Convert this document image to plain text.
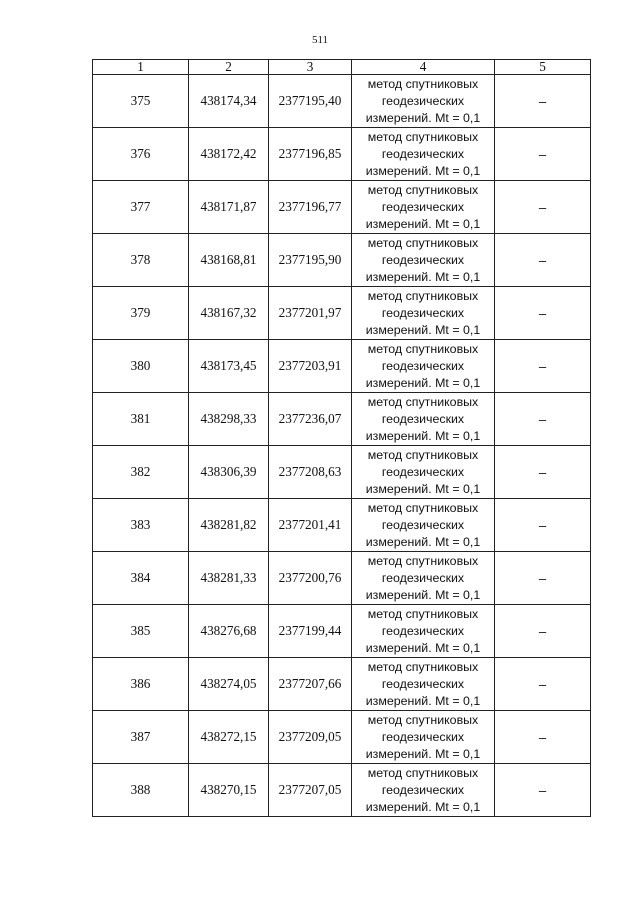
511
1	2	3	4	5
375	438174,34	2377195,40	метод спутниковых
геодезических
измерений. Mt = 0,1	–
376	438172,42	2377196,85	метод спутниковых
геодезических
измерений. Mt = 0,1	–
377	438171,87	2377196,77	метод спутниковых
геодезических
измерений. Mt = 0,1	–
378	438168,81	2377195,90	метод спутниковых
геодезических
измерений. Mt = 0,1	–
379	438167,32	2377201,97	метод спутниковых
геодезических
измерений. Mt = 0,1	–
380	438173,45	2377203,91	метод спутниковых
геодезических
измерений. Mt = 0,1	–
381	438298,33	2377236,07	метод спутниковых
геодезических
измерений. Mt = 0,1	–
382	438306,39	2377208,63	метод спутниковых
геодезических
измерений. Mt = 0,1	–
383	438281,82	2377201,41	метод спутниковых
геодезических
измерений. Mt = 0,1	–
384	438281,33	2377200,76	метод спутниковых
геодезических
измерений. Mt = 0,1	–
385	438276,68	2377199,44	метод спутниковых
геодезических
измерений. Mt = 0,1	–
386	438274,05	2377207,66	метод спутниковых
геодезических
измерений. Mt = 0,1	–
387	438272,15	2377209,05	метод спутниковых
геодезических
измерений. Mt = 0,1	–
388	438270,15	2377207,05	метод спутниковых
геодезических
измерений. Mt = 0,1	–
